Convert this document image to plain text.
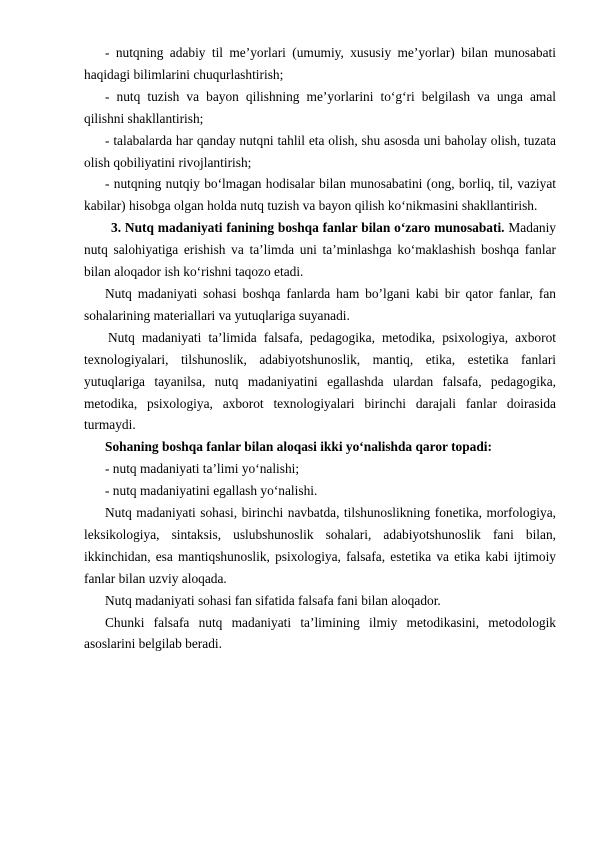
- nutqning adabiy til me’yorlari (umumiy, xususiy me’yorlar) bilan munosabati haqidagi bilimlarini chuqurlashtirish;

- nutq tuzish va bayon qilishning me’yorlarini to‘g‘ri belgilash va unga amal qilishni shakllantirish;

- talabalarda har qanday nutqni tahlil eta olish, shu asosda uni baholay olish, tuzata olish qobiliyatini rivojlantirish;

- nutqning nutqiy bo‘lmagan hodisalar bilan munosabatini (ong, borliq, til, vaziyat kabilar) hisobga olgan holda nutq tuzish va bayon qilish ko‘nikmasini shakllantirish.

3. Nutq madaniyati fanining boshqa fanlar bilan o‘zaro munosabati. Madaniy nutq salohiyatiga erishish va ta’limda uni ta’minlashga ko‘maklashish boshqa fanlar bilan aloqador ish ko‘rishni taqozo etadi.

Nutq madaniyati sohasi boshqa fanlarda ham bo’lgani kabi bir qator fanlar, fan sohalarining materiallari va yutuqlariga suyanadi.

Nutq madaniyati ta’limida falsafa, pedagogika, metodika, psixologiya, axborot texnologiyalari, tilshunoslik, adabiyotshunoslik, mantiq, etika, estetika fanlari yutuqlariga tayanilsa, nutq madaniyatini egallashda ulardan falsafa, pedagogika, metodika, psixologiya, axborot texnologiyalari birinchi darajali fanlar doirasida turmaydi.

Sohaning boshqa fanlar bilan aloqasi ikki yo‘nalishda qaror topadi:

- nutq madaniyati ta’limi yo‘nalishi;

- nutq madaniyatini egallash yo‘nalishi.

Nutq madaniyati sohasi, birinchi navbatda, tilshunoslikning fonetika, morfologiya, leksikologiya, sintaksis, uslubshunoslik sohalari, adabiyotshunoslik fani bilan, ikkinchidan, esa mantiqshunoslik, psixologiya, falsafa, estetika va etika kabi ijtimoiy fanlar bilan uzviy aloqada.

Nutq madaniyati sohasi fan sifatida falsafa fani bilan aloqador.

Chunki falsafa nutq madaniyati ta’limining ilmiy metodikasini, metodologik asoslarini belgilab beradi.
